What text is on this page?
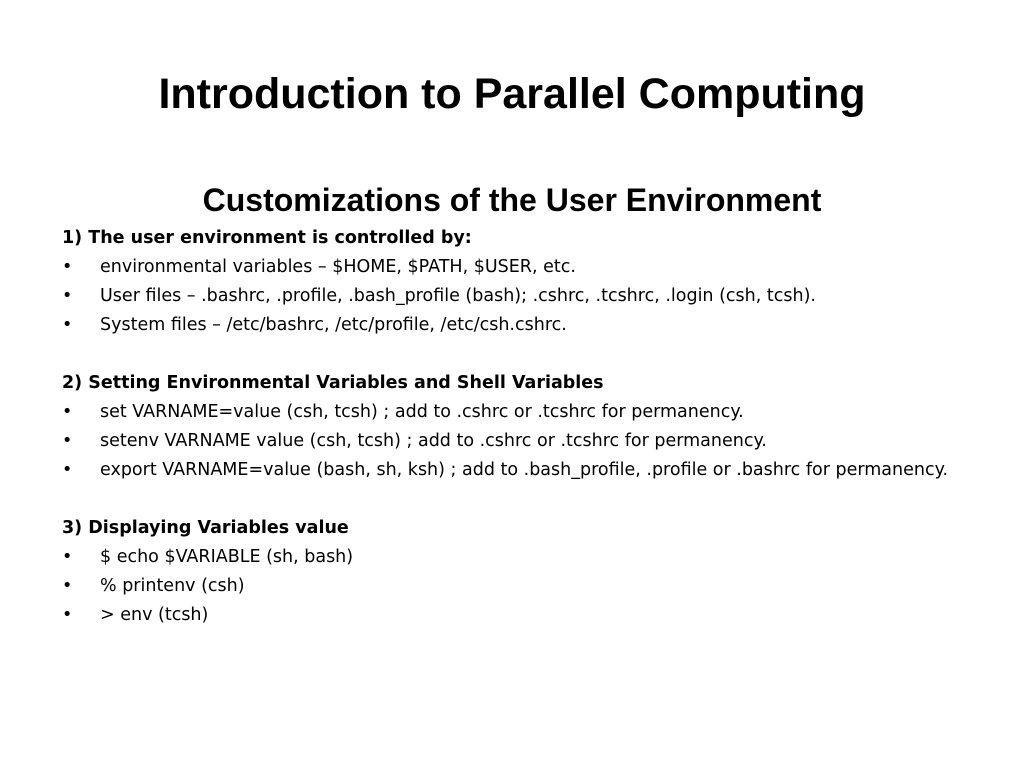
Introduction to Parallel Computing
Customizations of the User Environment

1) The user environment is controlled by:

• environmental variables – $HOME, $PATH, $USER, etc.
• User files – .bashrc, .profile, .bash_profile (bash); .cshrc, .tcshrc, .login (csh, tcsh).
• System files – /etc/bashrc, /etc/profile, /etc/csh.cshrc.

2) Setting Environmental Variables and Shell Variables

• set VARNAME=value (csh, tcsh) ; add to .cshrc or .tcshrc for permanency.
• setenv VARNAME value (csh, tcsh) ; add to .cshrc or .tcshrc for permanency.
• export VARNAME=value (bash, sh, ksh) ; add to .bash_profile, .profile or .bashrc for permanency.

3) Displaying Variables value

• $ echo $VARIABLE (sh, bash)
• % printenv (csh)
• > env (tcsh)
